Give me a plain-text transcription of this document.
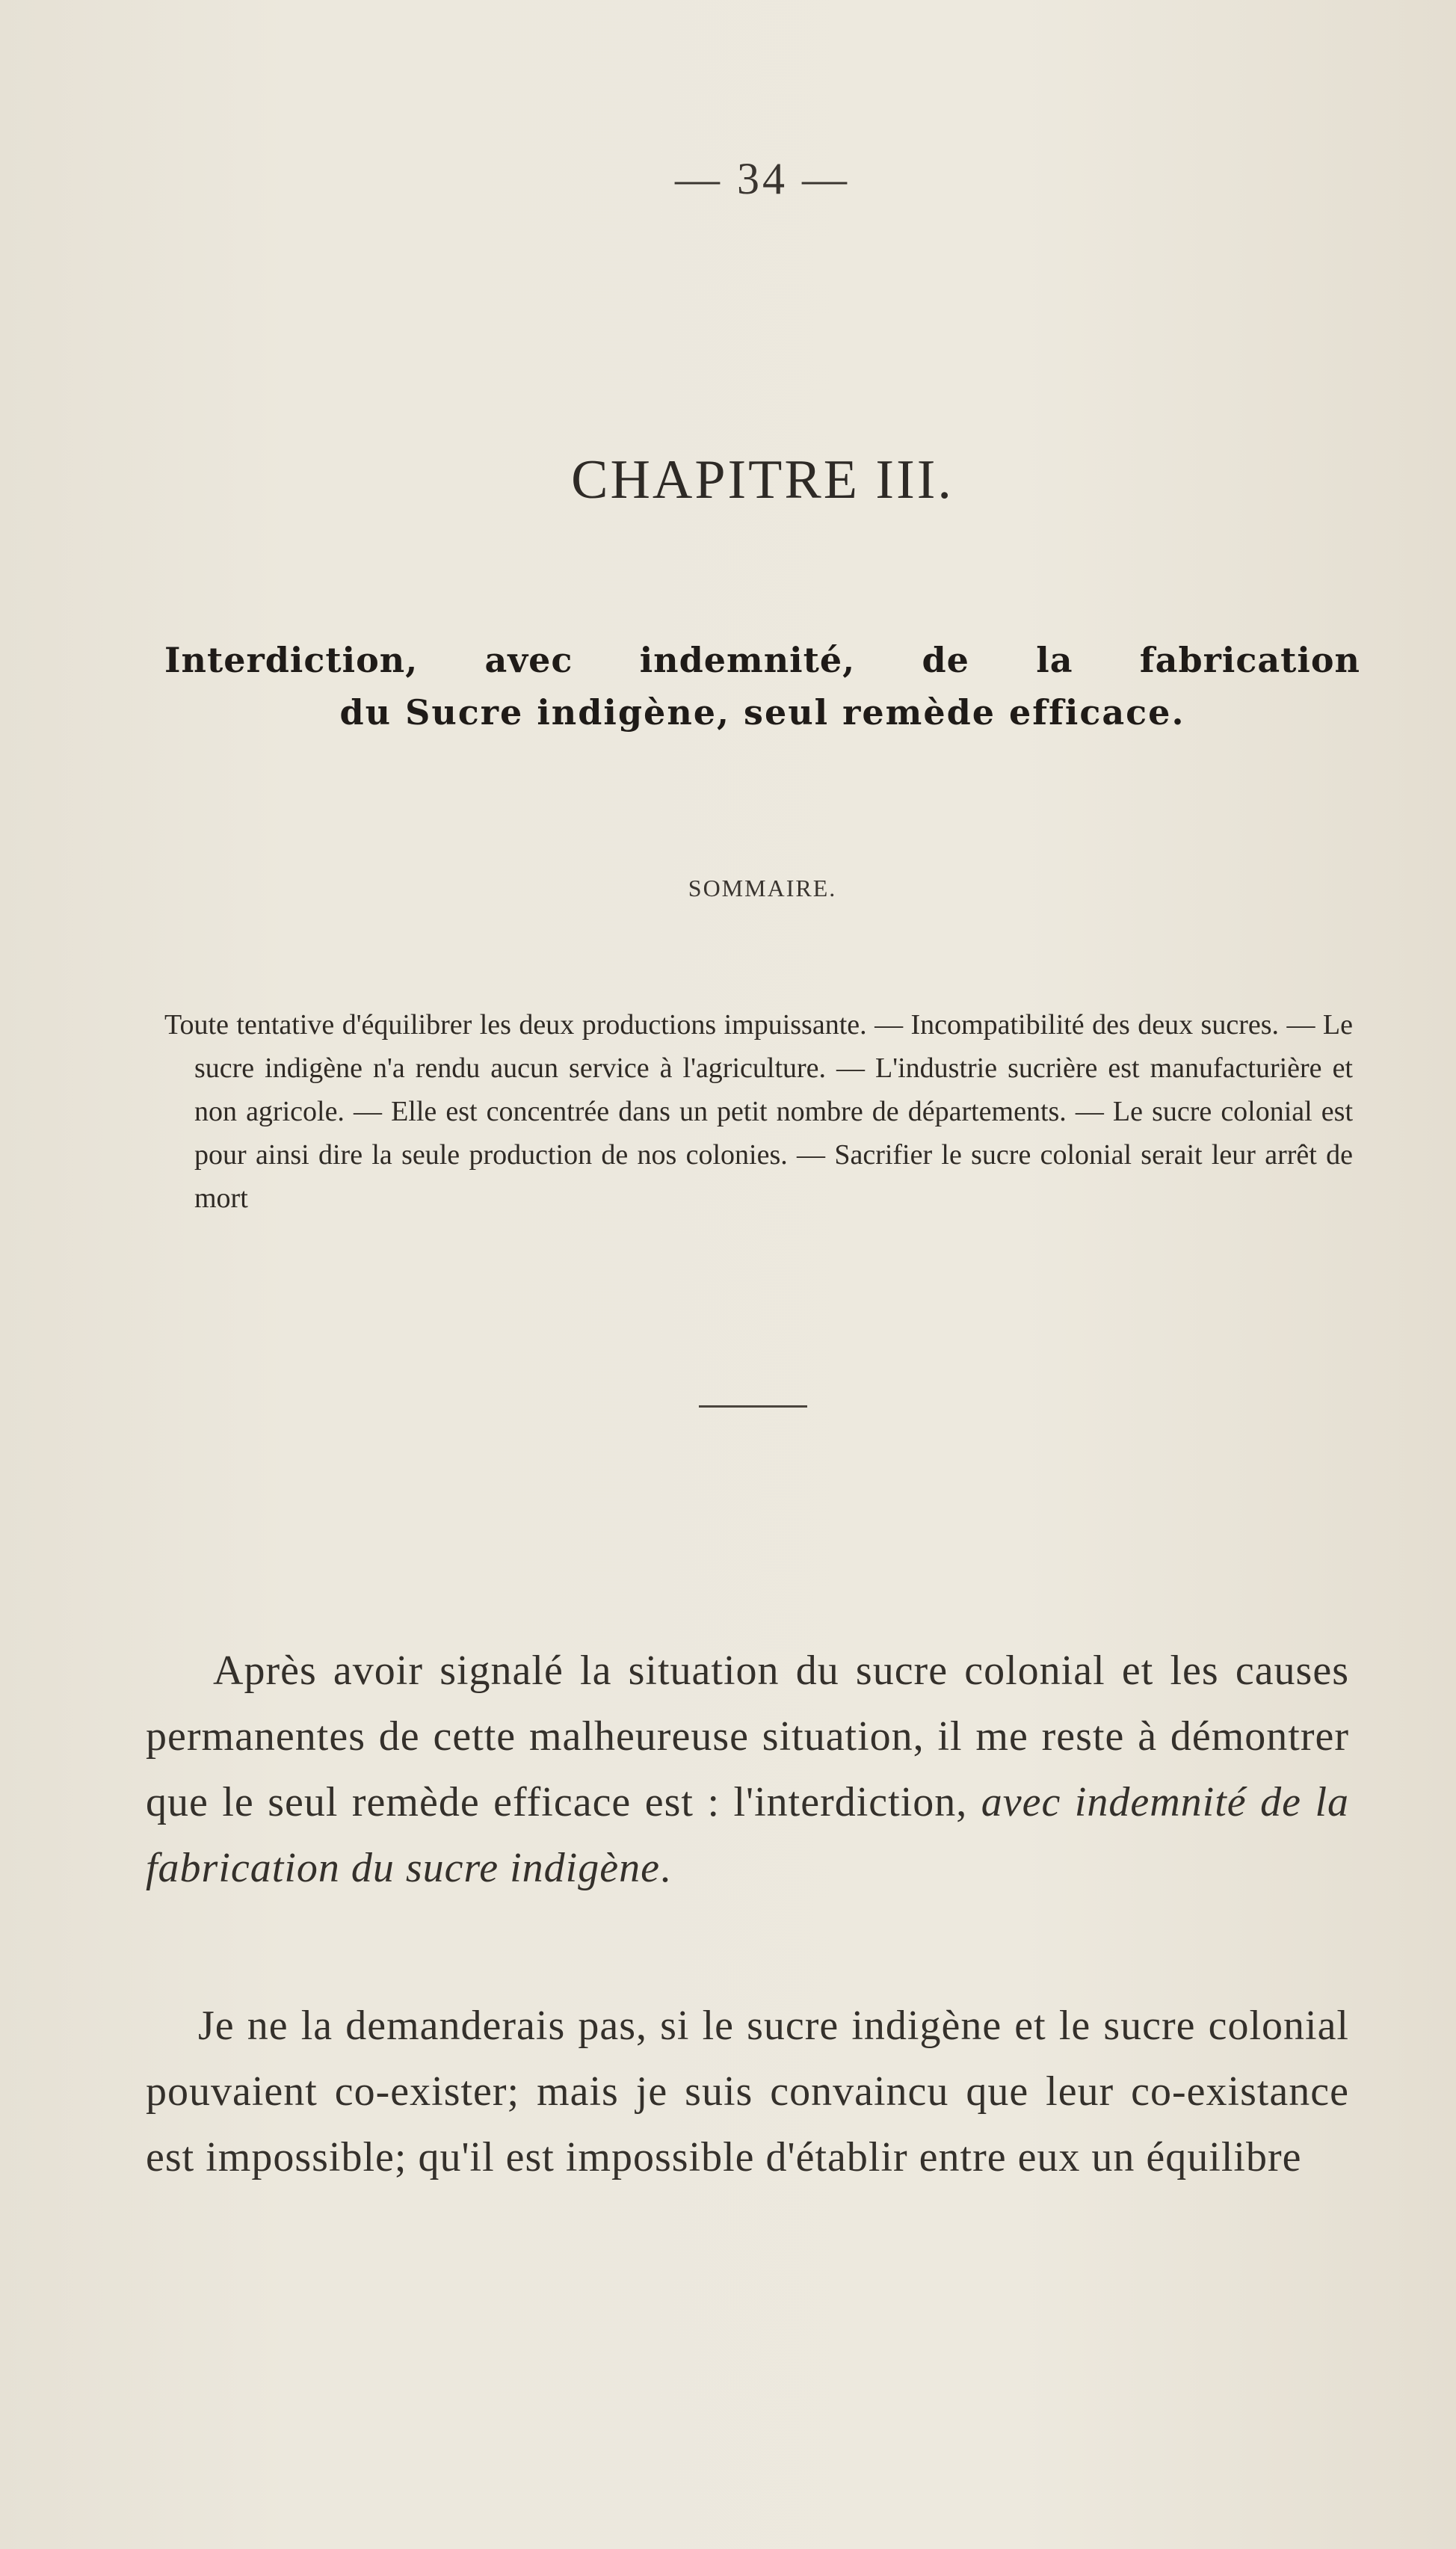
— 34 —
CHAPITRE III.
Interdiction, avec indemnité, de la fabrication
du Sucre indigène, seul remède efficace.
SOMMAIRE.
Toute tentative d'équilibrer les deux productions impuissante. — Incompatibilité des deux sucres. — Le sucre indigène n'a rendu aucun service à l'agriculture. — L'industrie sucrière est manufacturière et non agricole. — Elle est concentrée dans un petit nombre de départements. — Le sucre colonial est pour ainsi dire la seule production de nos colonies. — Sacrifier le sucre colonial serait leur arrêt de mort

Après avoir signalé la situation du sucre colonial et les causes permanentes de cette malheureuse situation, il me reste à démontrer que le seul remède efficace est : l'interdiction, avec indemnité de la fabrication du sucre indigène.

Je ne la demanderais pas, si le sucre indigène et le sucre colonial pouvaient co-exister; mais je suis convaincu que leur co-existance est impossible; qu'il est impossible d'établir entre eux un équilibre
